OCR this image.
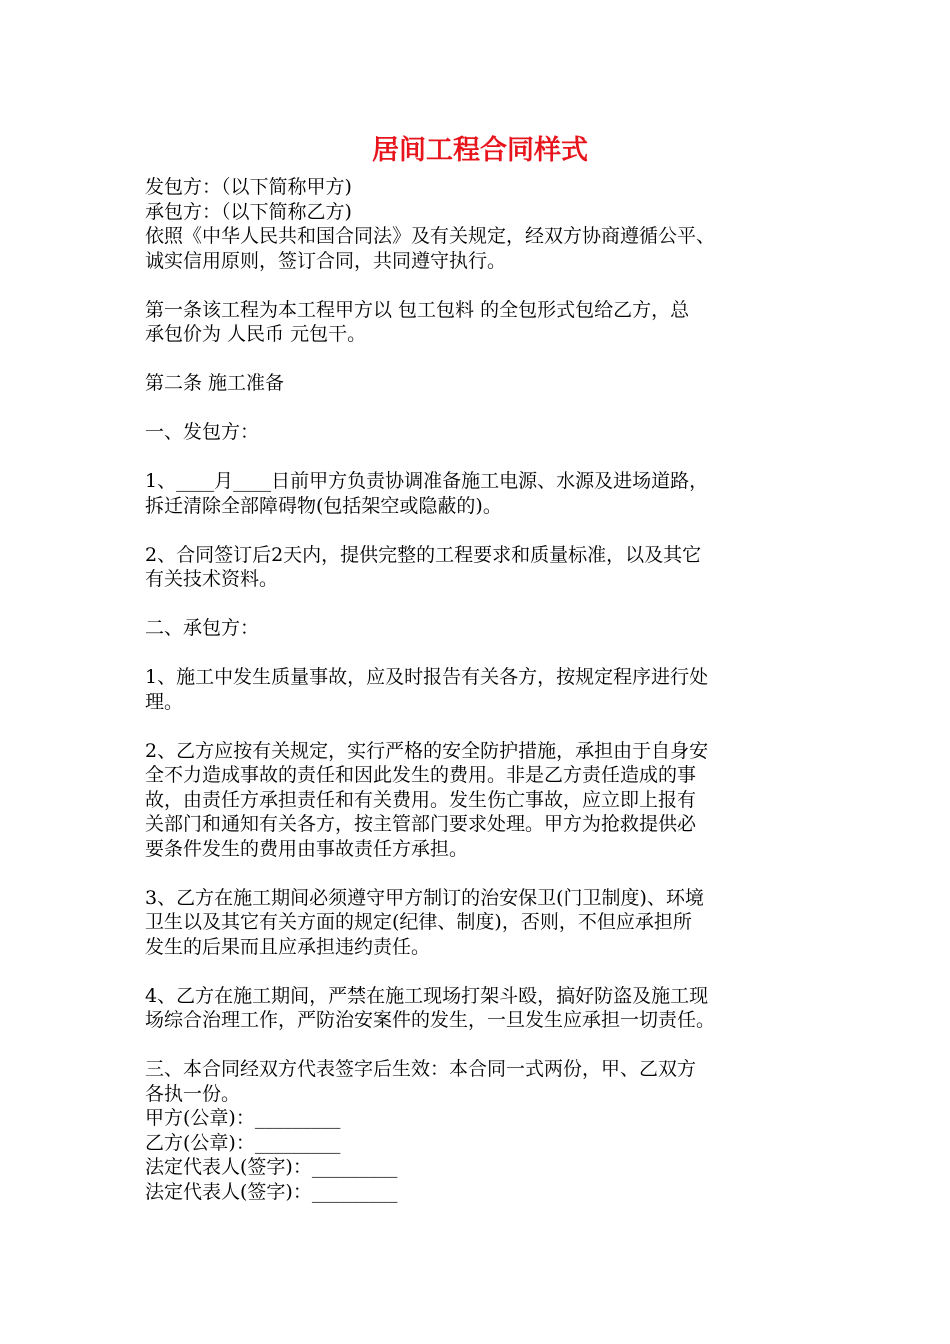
居间工程合同样式
发包方：（以下简称甲方)
承包方：（以下简称乙方)
依照《中华人民共和国合同法》及有关规定，经双方协商遵循公平、
诚实信用原则，签订合同，共同遵守执行。
第一条该工程为本工程甲方以 包工包料 的全包形式包给乙方，总
承包价为 人民币 元包干。
第二条 施工准备
一、发包方：
1、____月____日前甲方负责协调准备施工电源、水源及进场道路，
拆迁清除全部障碍物(包括架空或隐蔽的)。
2、合同签订后2天内，提供完整的工程要求和质量标准，以及其它
有关技术资料。
二、承包方：
1、施工中发生质量事故，应及时报告有关各方，按规定程序进行处
理。
2、乙方应按有关规定，实行严格的安全防护措施，承担由于自身安
全不力造成事故的责任和因此发生的费用。非是乙方责任造成的事
故，由责任方承担责任和有关费用。发生伤亡事故，应立即上报有
关部门和通知有关各方，按主管部门要求处理。甲方为抢救提供必
要条件发生的费用由事故责任方承担。
3、乙方在施工期间必须遵守甲方制订的治安保卫(门卫制度)、环境
卫生以及其它有关方面的规定(纪律、制度)，否则，不但应承担所
发生的后果而且应承担违约责任。
4、乙方在施工期间，严禁在施工现场打架斗殴，搞好防盗及施工现
场综合治理工作，严防治安案件的发生，一旦发生应承担一切责任。
三、本合同经双方代表签字后生效：本合同一式两份，甲、乙双方
各执一份。
甲方(公章)：_________
乙方(公章)：_________
法定代表人(签字)：_________
法定代表人(签字)：_________
